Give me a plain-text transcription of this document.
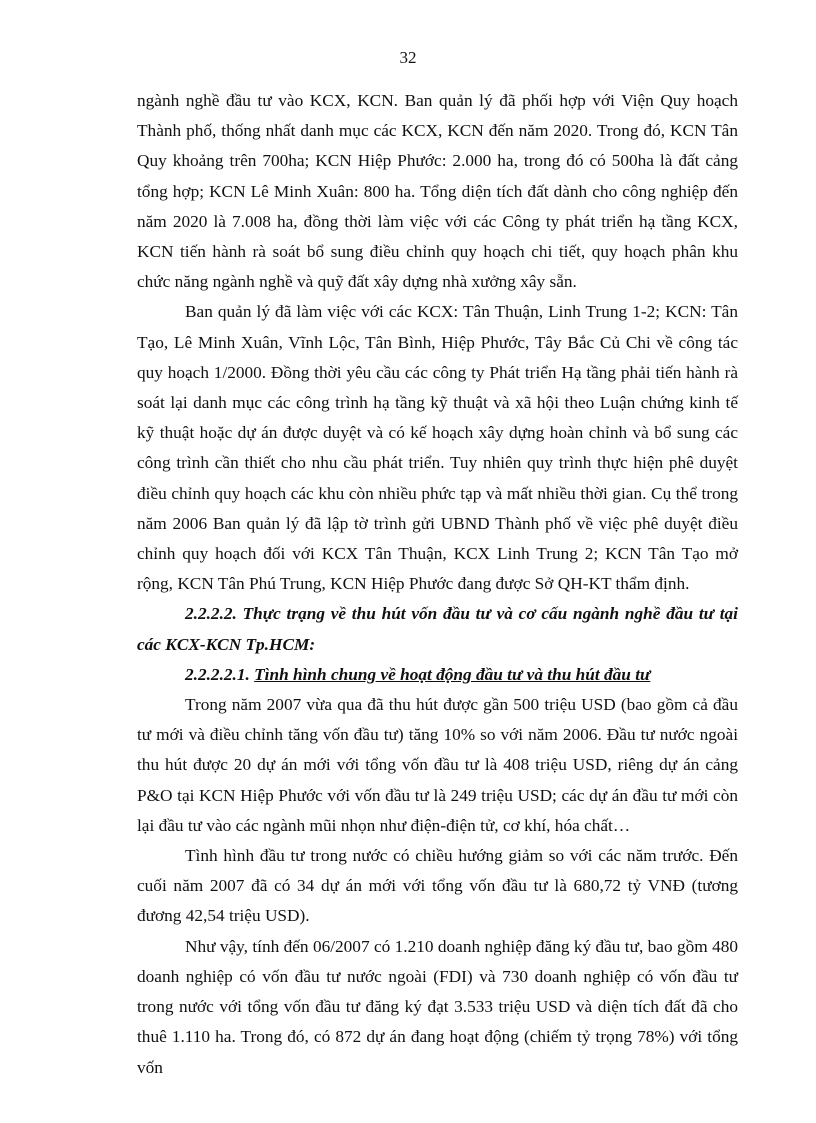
32

ngành nghề đầu tư vào KCX, KCN. Ban quản lý đã phối hợp với Viện Quy hoạch Thành phố, thống nhất danh mục các KCX, KCN đến năm 2020. Trong đó, KCN Tân Quy khoảng trên 700ha; KCN Hiệp Phước: 2.000 ha, trong đó có 500ha là đất cảng tổng hợp; KCN Lê Minh Xuân: 800 ha. Tổng diện tích đất dành cho công nghiệp đến năm 2020 là 7.008 ha, đồng thời làm việc với các Công ty phát triển hạ tầng KCX, KCN tiến hành rà soát bổ sung điều chỉnh quy hoạch chi tiết, quy hoạch phân khu chức năng ngành nghề và quỹ đất xây dựng nhà xưởng xây sẵn.

Ban quản lý đã làm việc với các KCX: Tân Thuận, Linh Trung 1-2; KCN: Tân Tạo, Lê Minh Xuân, Vĩnh Lộc, Tân Bình, Hiệp Phước, Tây Bắc Củ Chi về công tác quy hoạch 1/2000. Đồng thời yêu cầu các công ty Phát triển Hạ tầng phải tiến hành rà soát lại danh mục các công trình hạ tầng kỹ thuật và xã hội theo Luận chứng kinh tế kỹ thuật hoặc dự án được duyệt và có kế hoạch xây dựng hoàn chỉnh và bổ sung các công trình cần thiết cho nhu cầu phát triển. Tuy nhiên quy trình thực hiện phê duyệt điều chỉnh quy hoạch các khu còn nhiều phức tạp và mất nhiều thời gian. Cụ thể trong năm 2006 Ban quản lý đã lập tờ trình gửi UBND Thành phố về việc phê duyệt điều chỉnh quy hoạch đối với KCX Tân Thuận, KCX Linh Trung 2; KCN Tân Tạo mở rộng, KCN Tân Phú Trung, KCN Hiệp Phước đang được Sở QH-KT thẩm định.

2.2.2.2. Thực trạng về thu hút vốn đầu tư và cơ cấu ngành nghề đầu tư tại các KCX-KCN Tp.HCM:

2.2.2.2.1. Tình hình chung về hoạt động đầu tư và thu hút đầu tư

Trong năm 2007 vừa qua đã thu hút được gần 500 triệu USD (bao gồm cả đầu tư mới và điều chỉnh tăng vốn đầu tư) tăng 10% so với năm 2006. Đầu tư nước ngoài thu hút được 20 dự án mới với tổng vốn đầu tư là 408 triệu USD, riêng dự án cảng P&O tại KCN Hiệp Phước với vốn đầu tư là 249 triệu USD; các dự án đầu tư mới còn lại đầu tư vào các ngành mũi nhọn như điện-điện tử, cơ khí, hóa chất…

Tình hình đầu tư trong nước có chiều hướng giảm so với các năm trước. Đến cuối năm 2007 đã có 34 dự án mới với tổng vốn đầu tư là 680,72 tỷ VNĐ (tương đương 42,54 triệu USD).

Như vậy, tính đến 06/2007 có 1.210 doanh nghiệp đăng ký đầu tư, bao gồm 480 doanh nghiệp có vốn đầu tư nước ngoài (FDI) và 730 doanh nghiệp có vốn đầu tư trong nước với tổng vốn đầu tư đăng ký đạt 3.533 triệu USD và diện tích đất đã cho thuê 1.110 ha. Trong đó, có 872 dự án đang hoạt động (chiếm tỷ trọng 78%) với tổng vốn
